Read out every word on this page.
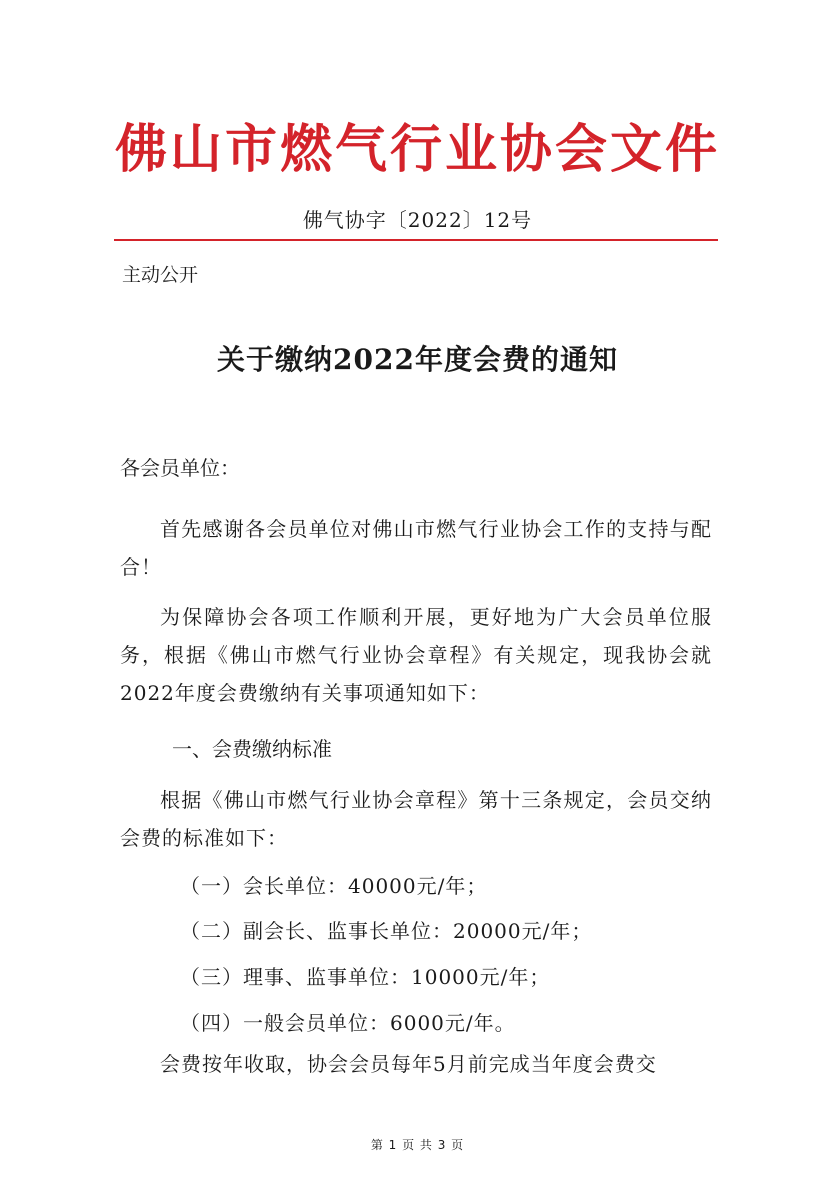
佛山市燃气行业协会文件
佛气协字〔2022〕12号
主动公开
关于缴纳2022年度会费的通知
各会员单位：

首先感谢各会员单位对佛山市燃气行业协会工作的支持与配合！

为保障协会各项工作顺利开展，更好地为广大会员单位服务，根据《佛山市燃气行业协会章程》有关规定，现我协会就2022年度会费缴纳有关事项通知如下：

一、会费缴纳标准

根据《佛山市燃气行业协会章程》第十三条规定，会员交纳会费的标准如下：

（一）会长单位：40000元/年；
（二）副会长、监事长单位：20000元/年；
（三）理事、监事单位：10000元/年；
（四）一般会员单位：6000元/年。

会费按年收取，协会会员每年5月前完成当年度会费交

第 1 页 共 3 页
